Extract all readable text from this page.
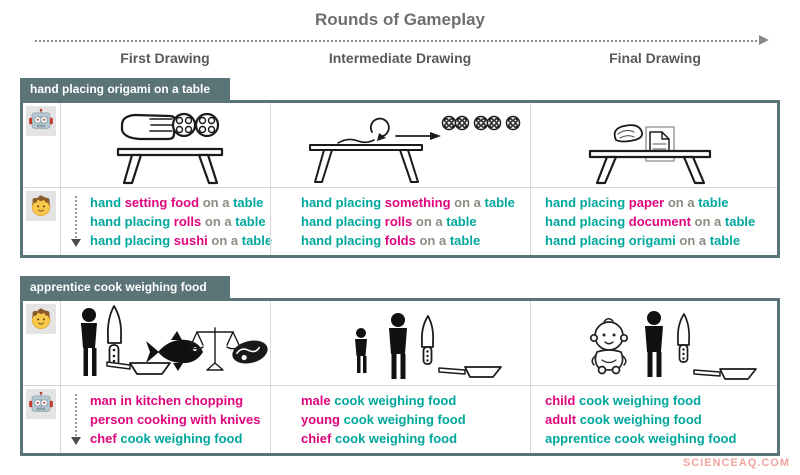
Rounds of Gameplay
First Drawing	Intermediate Drawing	Final Drawing
hand placing origami on a table
hand setting food on a table
hand placing rolls on a table
hand placing sushi on a table
hand placing something on a table
hand placing rolls on a table
hand placing folds on a table
hand placing paper on a table
hand placing document on a table
hand placing origami on a table
apprentice cook weighing food
man in kitchen chopping
person cooking with knives
chef cook weighing food
male cook weighing food
young cook weighing food
chief cook weighing food
child cook weighing food
adult cook weighing food
apprentice cook weighing food
SCIENCEAQ.COM
